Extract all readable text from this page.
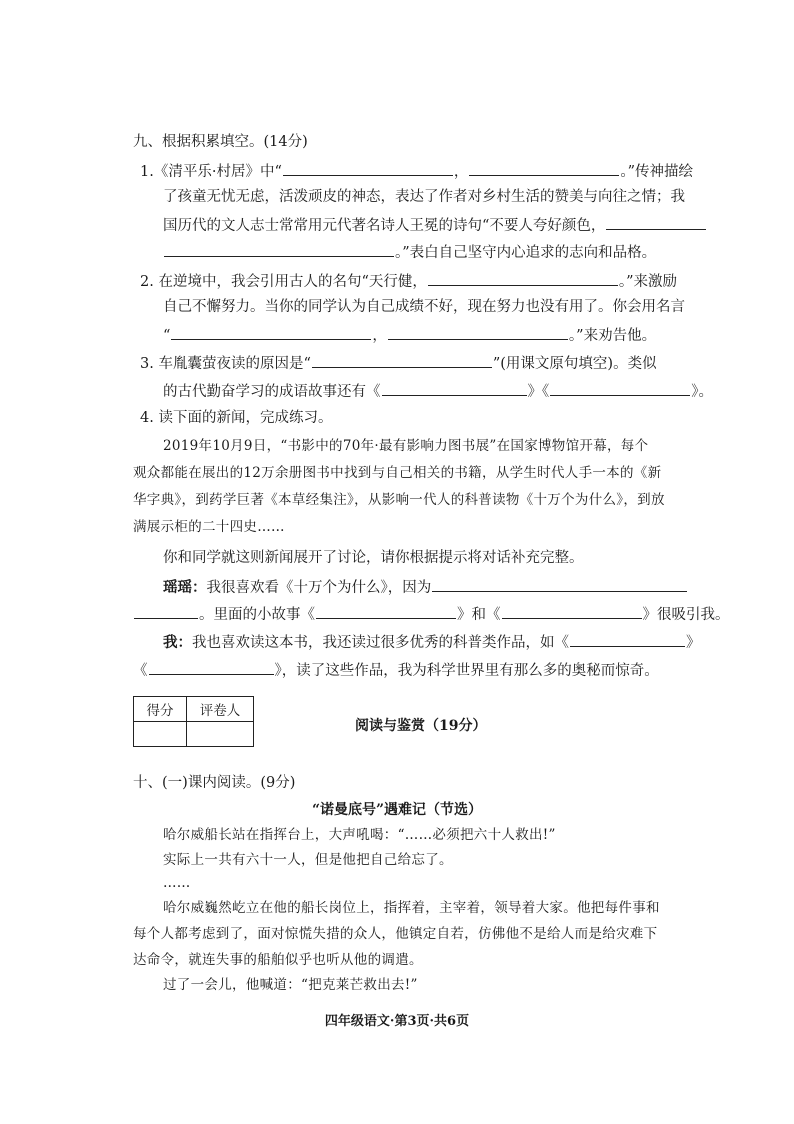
九、根据积累填空。(14分)
1.《清平乐·村居》中“	，	。”传神描绘
了孩童无忧无虑，活泼顽皮的神态，表达了作者对乡村生活的赞美与向往之情；我
国历代的文人志士常常用元代著名诗人王冕的诗句“不要人夸好颜色，
。”表白自己坚守内心追求的志向和品格。
2. 在逆境中，我会引用古人的名句“天行健，	。”来激励
自己不懈努力。当你的同学认为自己成绩不好，现在努力也没有用了。你会用名言
“	，	。”来劝告他。
3. 车胤囊萤夜读的原因是“	”(用课文原句填空)。类似
的古代勤奋学习的成语故事还有《	》《	》。
4. 读下面的新闻，完成练习。
2019年10月9日，“书影中的70年·最有影响力图书展”在国家博物馆开幕，每个
观众都能在展出的12万余册图书中找到与自己相关的书籍，从学生时代人手一本的《新
华字典》，到药学巨著《本草经集注》，从影响一代人的科普读物《十万个为什么》，到放
满展示柜的二十四史……
你和同学就这则新闻展开了讨论，请你根据提示将对话补充完整。
瑶瑶：我很喜欢看《十万个为什么》，因为
。里面的小故事《	》和《	》很吸引我。
我：我也喜欢读这本书，我还读过很多优秀的科普类作品，如《	》
《	》，读了这些作品，我为科学世界里有那么多的奥秘而惊奇。
得分	评卷人

阅读与鉴赏（19分）
十、(一)课内阅读。(9分)
“诺曼底号”遇难记（节选）
哈尔威船长站在指挥台上，大声吼喝：“……必须把六十人救出!”
实际上一共有六十一人，但是他把自己给忘了。
……
哈尔威巍然屹立在他的船长岗位上，指挥着，主宰着，领导着大家。他把每件事和
每个人都考虑到了，面对惊慌失措的众人，他镇定自若，仿佛他不是给人而是给灾难下
达命令，就连失事的船舶似乎也听从他的调遣。
过了一会儿，他喊道：“把克莱芒救出去!”
四年级语文·第3页·共6页
